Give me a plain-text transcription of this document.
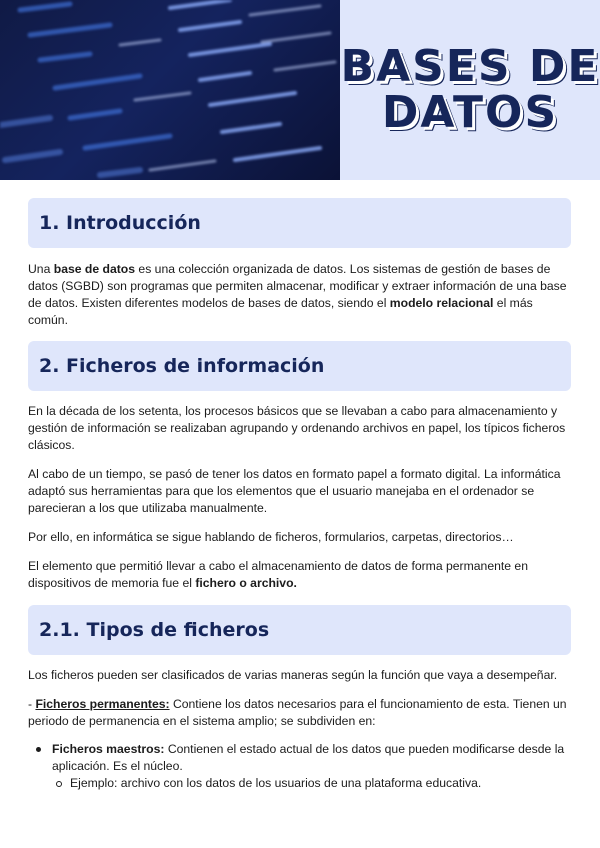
BASES DE
DATOS
1. Introducción

Una base de datos es una colección organizada de datos. Los sistemas de gestión de bases de datos (SGBD) son programas que permiten almacenar, modificar y extraer información de una base de datos. Existen diferentes modelos de bases de datos, siendo el modelo relacional el más común.

2. Ficheros de información

En la década de los setenta, los procesos básicos que se llevaban a cabo para almacenamiento y gestión de información se realizaban agrupando y ordenando archivos en papel, los típicos ficheros clásicos.

Al cabo de un tiempo, se pasó de tener los datos en formato papel a formato digital. La informática adaptó sus herramientas para que los elementos que el usuario manejaba en el ordenador se parecieran a los que utilizaba manualmente.

Por ello, en informática se sigue hablando de ficheros, formularios, carpetas, directorios…

El elemento que permitió llevar a cabo el almacenamiento de datos de forma permanente en dispositivos de memoria fue el fichero o archivo.

2.1. Tipos de ficheros

Los ficheros pueden ser clasificados de varias maneras según la función que vaya a desempeñar.

- Ficheros permanentes: Contiene los datos necesarios para el funcionamiento de esta. Tienen un periodo de permanencia en el sistema amplio; se subdividen en:

Ficheros maestros: Contienen el estado actual de los datos que pueden modificarse desde la aplicación. Es el núcleo.

Ejemplo: archivo con los datos de los usuarios de una plataforma educativa.
